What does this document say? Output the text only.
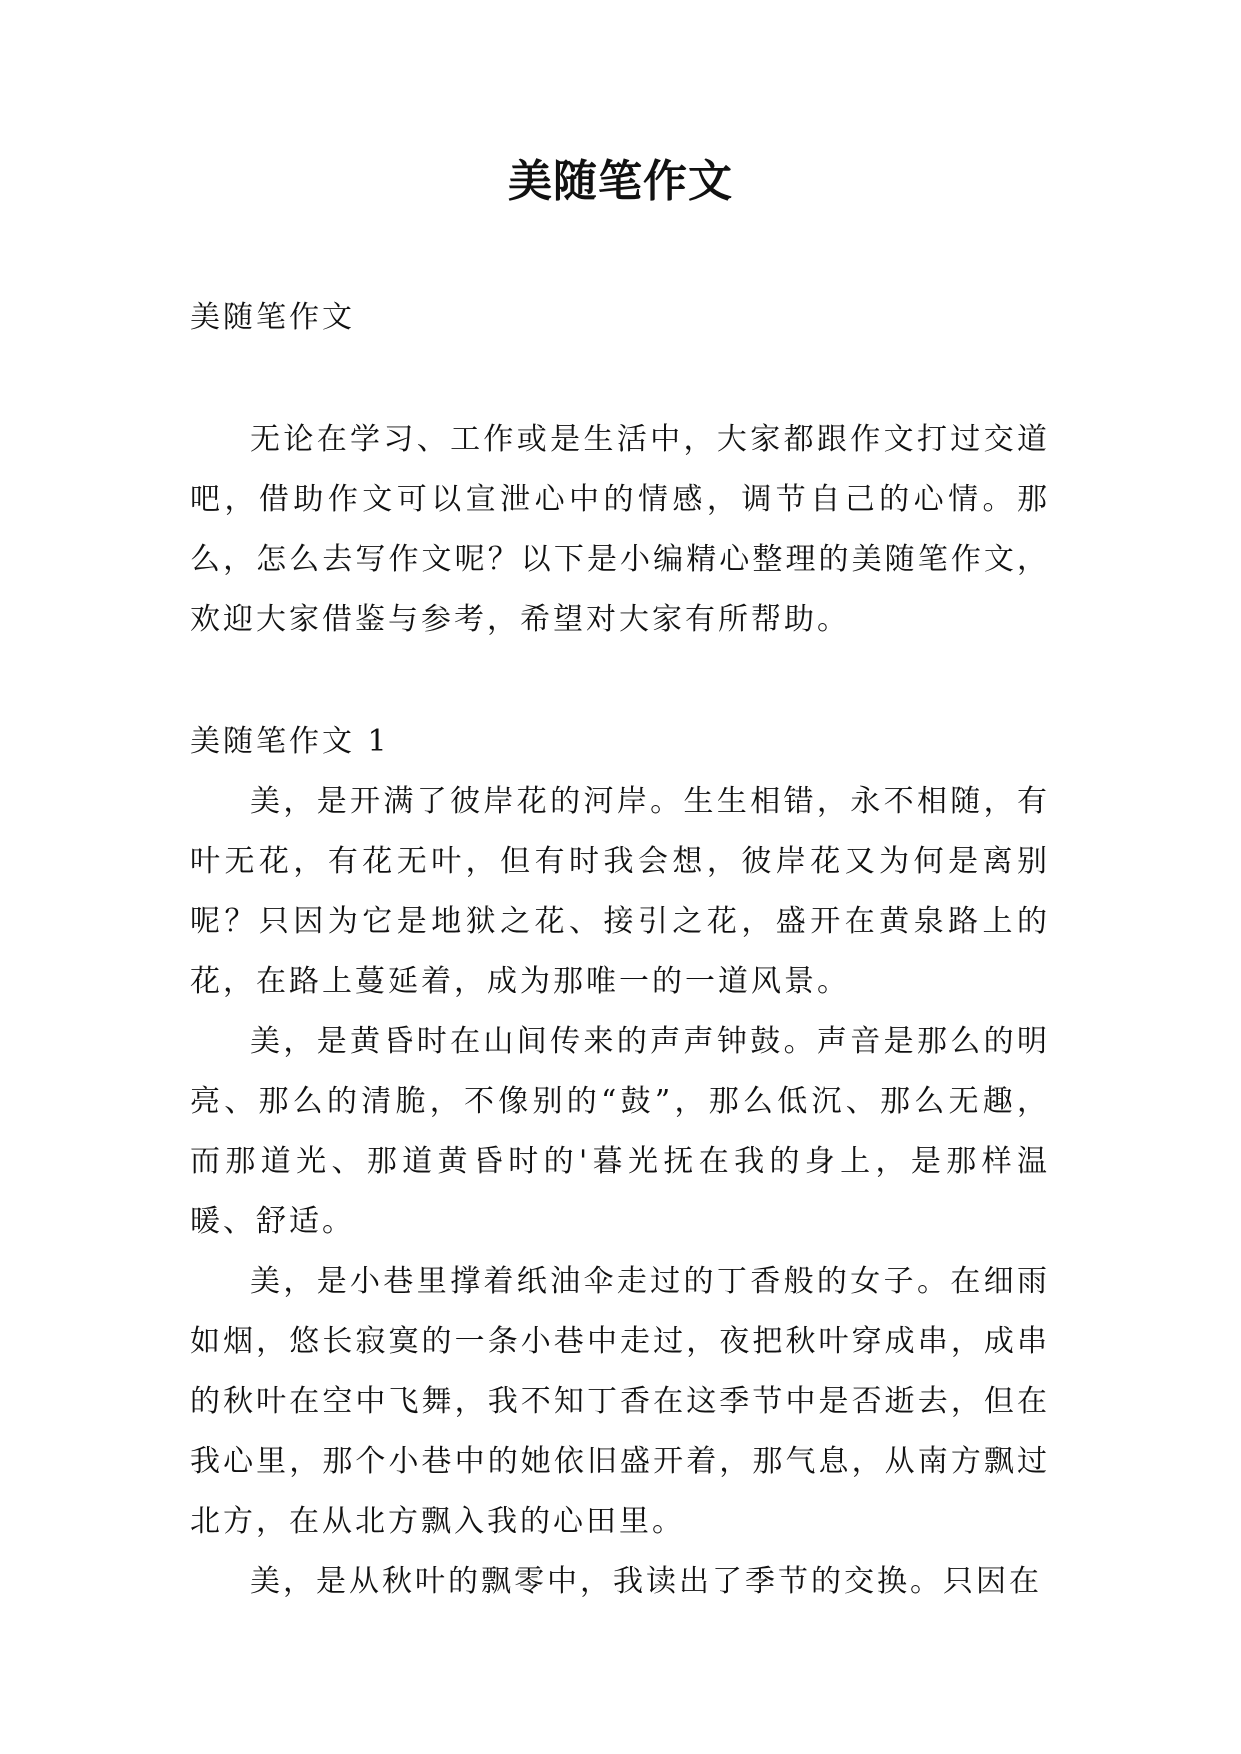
美随笔作文

美随笔作文

无论在学习、工作或是生活中，大家都跟作文打过交道吧，借助作文可以宣泄心中的情感，调节自己的心情。那么，怎么去写作文呢？以下是小编精心整理的美随笔作文，欢迎大家借鉴与参考，希望对大家有所帮助。

美随笔作文 1

美，是开满了彼岸花的河岸。生生相错，永不相随，有叶无花，有花无叶，但有时我会想，彼岸花又为何是离别呢？只因为它是地狱之花、接引之花，盛开在黄泉路上的花，在路上蔓延着，成为那唯一的一道风景。

美，是黄昏时在山间传来的声声钟鼓。声音是那么的明亮、那么的清脆，不像别的“鼓”，那么低沉、那么无趣，而那道光、那道黄昏时的'暮光抚在我的身上，是那样温暖、舒适。

美，是小巷里撑着纸油伞走过的丁香般的女子。在细雨如烟，悠长寂寞的一条小巷中走过，夜把秋叶穿成串，成串的秋叶在空中飞舞，我不知丁香在这季节中是否逝去，但在我心里，那个小巷中的她依旧盛开着，那气息，从南方飘过北方，在从北方飘入我的心田里。

美，是从秋叶的飘零中，我读出了季节的交换。只因在
